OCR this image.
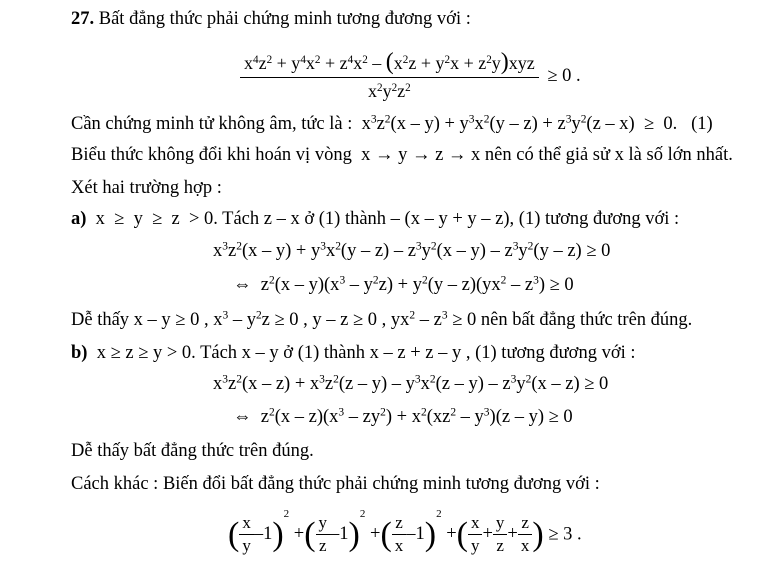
27. Bất đẳng thức phải chứng minh tương đương với :
$\frac{x^4z^2 + y^4x^2 + z^4x^2 - (x^2z + y^2x + z^2y)xyz}{x^2y^2z^2} \ge 0$ .
Cần chứng minh tử không âm, tức là :  $x^3z^2(x - y) + y^3x^2(y - z) + z^3y^2(z - x) \ge 0$.   (1)
Biểu thức không đổi khi hoán vị vòng  x → y → z → x nên có thể giả sử x là số lớn nhất.
Xét hai trường hợp :
a)  x  ≥  y  ≥  z  > 0. Tách z – x ở (1) thành – (x – y + y – z), (1) tương đương với :
$x^3z^2(x - y) + y^3x^2(y - z) - z^3y^2(x - y) - z^3y^2(y - z) \ge 0$
⇔  $z^2(x - y)(x^3 - y^2z) + y^2(y - z)(yx^2 - z^3) \ge 0$
Dễ thấy x – y ≥ 0 , $x^3 - y^2z \ge 0$ , y – z ≥ 0 , $yx^2 - z^3 \ge 0$ nên bất đẳng thức trên đúng.
b)  x ≥ z ≥ y > 0. Tách x – y ở (1) thành x – z + z – y , (1) tương đương với :
$x^3z^2(x - z) + x^3z^2(z - y) - y^3x^2(z - y) - z^3y^2(x - z) \ge 0$
⇔  $z^2(x - z)(x^3 - zy^2) + x^2(xz^2 - y^3)(z - y) \ge 0$
Dễ thấy bất đẳng thức trên đúng.
Cách khác : Biến đổi bất đẳng thức phải chứng minh tương đương với :
( $\frac{x}{y} -1)^2$ +( $\frac{y}{z} -1)^2$ +( $\frac{z}{x} -1)^2$ +( $\frac{x}{y} + \frac{y}{z} + \frac{z}{x}$ ) ≥ 3 .
